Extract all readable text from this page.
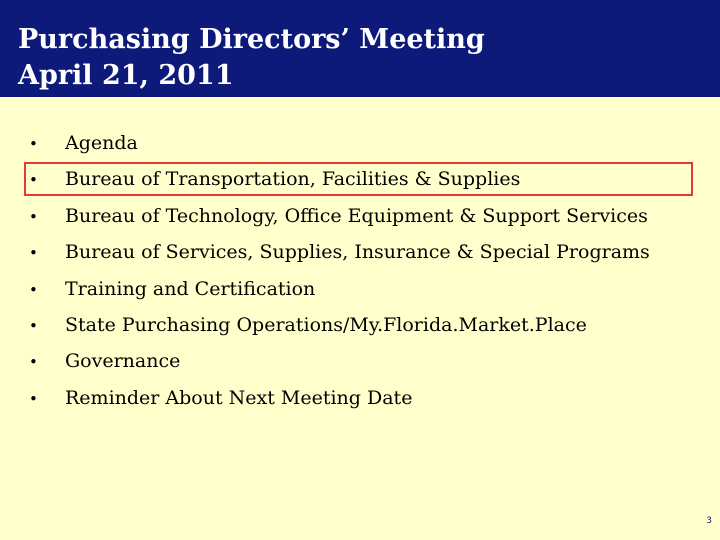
Purchasing Directors’ Meeting
April 21, 2011
• Agenda
• Bureau of Transportation, Facilities & Supplies
• Bureau of Technology, Office Equipment & Support Services
• Bureau of Services, Supplies, Insurance & Special Programs
• Training and Certification
• State Purchasing Operations/My.Florida.Market.Place
• Governance
• Reminder About Next Meeting Date
3
